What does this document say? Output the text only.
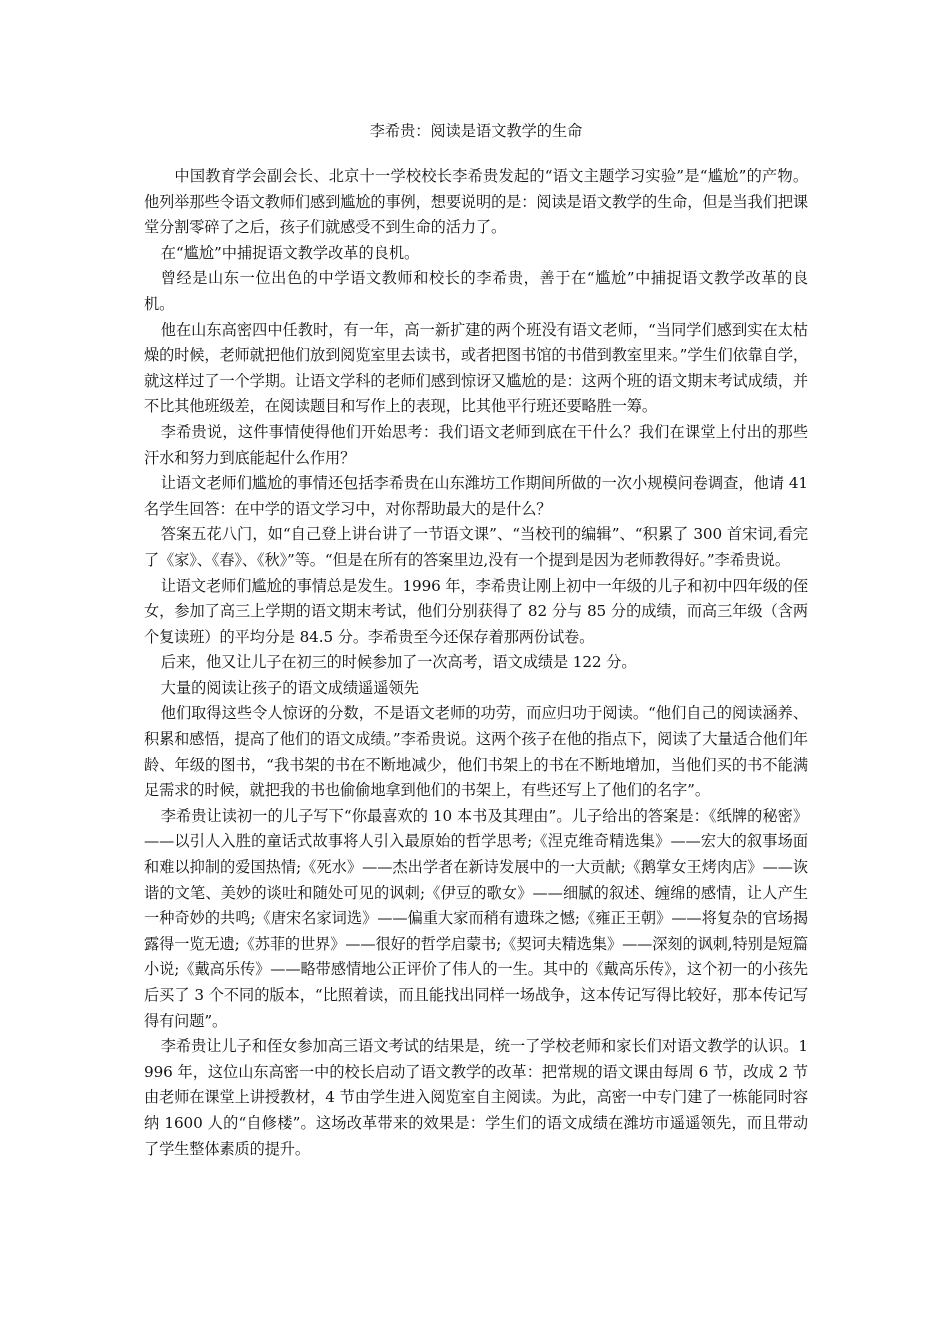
李希贵：阅读是语文教学的生命

中国教育学会副会长、北京十一学校校长李希贵发起的“语文主题学习实验”是“尴尬”的产物。他列举那些令语文教师们感到尴尬的事例，想要说明的是：阅读是语文教学的生命，但是当我们把课堂分割零碎了之后，孩子们就感受不到生命的活力了。

在“尴尬”中捕捉语文教学改革的良机。

曾经是山东一位出色的中学语文教师和校长的李希贵，善于在“尴尬”中捕捉语文教学改革的良机。

他在山东高密四中任教时，有一年，高一新扩建的两个班没有语文老师，“当同学们感到实在太枯燥的时候，老师就把他们放到阅览室里去读书，或者把图书馆的书借到教室里来。”学生们依靠自学，就这样过了一个学期。让语文学科的老师们感到惊讶又尴尬的是：这两个班的语文期末考试成绩，并不比其他班级差，在阅读题目和写作上的表现，比其他平行班还要略胜一筹。

李希贵说，这件事情使得他们开始思考：我们语文老师到底在干什么？我们在课堂上付出的那些汗水和努力到底能起什么作用？

让语文老师们尴尬的事情还包括李希贵在山东潍坊工作期间所做的一次小规模问卷调查，他请 41 名学生回答：在中学的语文学习中，对你帮助最大的是什么？

答案五花八门，如“自己登上讲台讲了一节语文课”、“当校刊的编辑”、“积累了 300 首宋词,看完了《家》、《春》、《秋》”等。“但是在所有的答案里边,没有一个提到是因为老师教得好。”李希贵说。

让语文老师们尴尬的事情总是发生。1996 年，李希贵让刚上初中一年级的儿子和初中四年级的侄女，参加了高三上学期的语文期末考试，他们分别获得了 82 分与 85 分的成绩，而高三年级（含两个复读班）的平均分是 84.5 分。李希贵至今还保存着那两份试卷。

后来，他又让儿子在初三的时候参加了一次高考，语文成绩是 122 分。

大量的阅读让孩子的语文成绩遥遥领先

他们取得这些令人惊讶的分数，不是语文老师的功劳，而应归功于阅读。“他们自己的阅读涵养、积累和感悟，提高了他们的语文成绩。”李希贵说。这两个孩子在他的指点下，阅读了大量适合他们年龄、年级的图书，“我书架的书在不断地减少，他们书架上的书在不断地增加，当他们买的书不能满足需求的时候，就把我的书也偷偷地拿到他们的书架上，有些还写上了他们的名字”。

李希贵让读初一的儿子写下“你最喜欢的 10 本书及其理由”。儿子给出的答案是：《纸牌的秘密》——以引人入胜的童话式故事将人引入最原始的哲学思考;《涅克维奇精选集》——宏大的叙事场面和难以抑制的爱国热情;《死水》——杰出学者在新诗发展中的一大贡献;《鹅掌女王烤肉店》——诙谐的文笔、美妙的谈吐和随处可见的讽刺;《伊豆的歌女》——细腻的叙述、缠绵的感情，让人产生一种奇妙的共鸣;《唐宋名家词选》——偏重大家而稍有遗珠之憾;《雍正王朝》——将复杂的官场揭露得一览无遗;《苏菲的世界》——很好的哲学启蒙书;《契诃夫精选集》——深刻的讽刺,特别是短篇小说;《戴高乐传》——略带感情地公正评价了伟人的一生。其中的《戴高乐传》，这个初一的小孩先后买了 3 个不同的版本，“比照着读，而且能找出同样一场战争，这本传记写得比较好，那本传记写得有问题”。

李希贵让儿子和侄女参加高三语文考试的结果是，统一了学校老师和家长们对语文教学的认识。1996 年，这位山东高密一中的校长启动了语文教学的改革：把常规的语文课由每周 6 节，改成 2 节由老师在课堂上讲授教材，4 节由学生进入阅览室自主阅读。为此，高密一中专门建了一栋能同时容纳 1600 人的“自修楼”。这场改革带来的效果是：学生们的语文成绩在潍坊市遥遥领先，而且带动了学生整体素质的提升。
